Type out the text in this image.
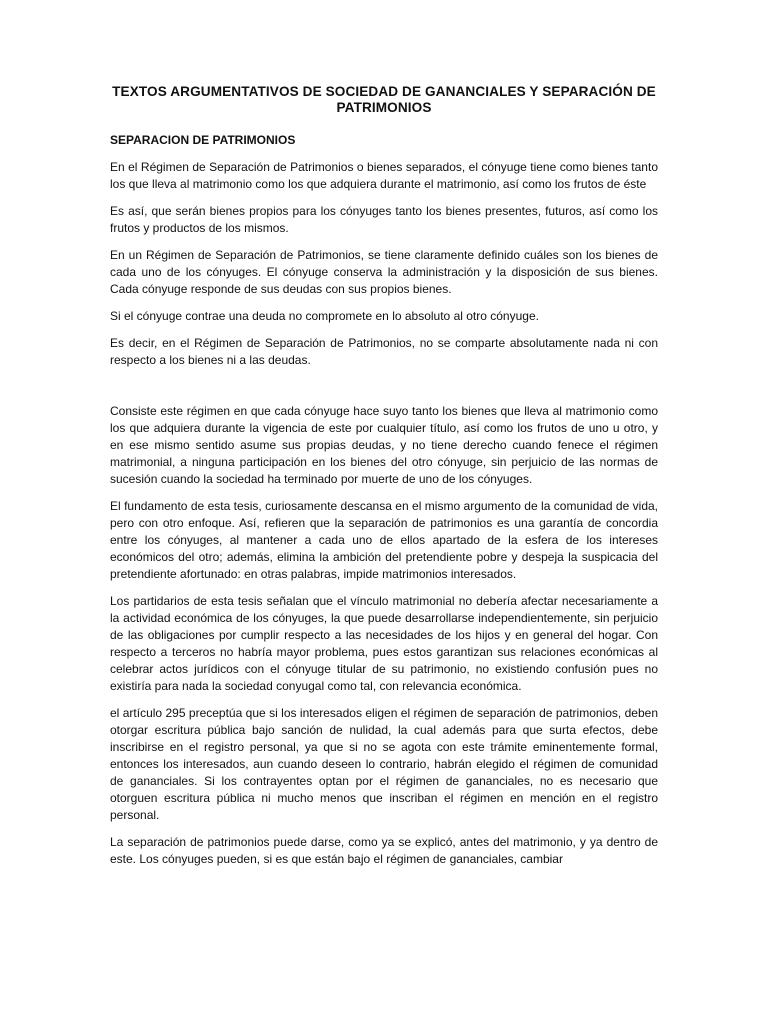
TEXTOS ARGUMENTATIVOS DE SOCIEDAD DE GANANCIALES Y SEPARACIÓN DE PATRIMONIOS
SEPARACION DE PATRIMONIOS

En el Régimen de Separación de Patrimonios o bienes separados, el cónyuge tiene como bienes tanto los que lleva al matrimonio como los que adquiera durante el matrimonio, así como los frutos de éste

Es así, que serán bienes propios para los cónyuges tanto los bienes presentes, futuros, así como los frutos y productos de los mismos.

En un Régimen de Separación de Patrimonios, se tiene claramente definido cuáles son los bienes de cada uno de los cónyuges. El cónyuge conserva la administración y la disposición de sus bienes. Cada cónyuge responde de sus deudas con sus propios bienes.

Si el cónyuge contrae una deuda no compromete en lo absoluto al otro cónyuge.

Es decir, en el Régimen de Separación de Patrimonios, no se comparte absolutamente nada ni con respecto a los bienes ni a las deudas.

Consiste este régimen en que cada cónyuge hace suyo tanto los bienes que lleva al matrimonio como los que adquiera durante la vigencia de este por cualquier título, así como los frutos de uno u otro, y en ese mismo sentido asume sus propias deudas, y no tiene derecho cuando fenece el régimen matrimonial, a ninguna participación en los bienes del otro cónyuge, sin perjuicio de las normas de sucesión cuando la sociedad ha terminado por muerte de uno de los cónyuges.

El fundamento de esta tesis, curiosamente descansa en el mismo argumento de la comunidad de vida, pero con otro enfoque. Así, refieren que la separación de patrimonios es una garantía de concordia entre los cónyuges, al mantener a cada uno de ellos apartado de la esfera de los intereses económicos del otro; además, elimina la ambición del pretendiente pobre y despeja la suspicacia del pretendiente afortunado: en otras palabras, impide matrimonios interesados.

Los partidarios de esta tesis señalan que el vínculo matrimonial no debería afectar necesariamente a la actividad económica de los cónyuges, la que puede desarrollarse independientemente, sin perjuicio de las obligaciones por cumplir respecto a las necesidades de los hijos y en general del hogar. Con respecto a terceros no habría mayor problema, pues estos garantizan sus relaciones económicas al celebrar actos jurídicos con el cónyuge titular de su patrimonio, no existiendo confusión pues no existiría para nada la sociedad conyugal como tal, con relevancia económica.

el artículo 295 preceptúa que si los interesados eligen el régimen de separación de patrimonios, deben otorgar escritura pública bajo sanción de nulidad, la cual además para que surta efectos, debe inscribirse en el registro personal, ya que si no se agota con este trámite eminentemente formal, entonces los interesados, aun cuando deseen lo contrario, habrán elegido el régimen de comunidad de gananciales. Si los contrayentes optan por el régimen de gananciales, no es necesario que otorguen escritura pública ni mucho menos que inscriban el régimen en mención en el registro personal.

La separación de patrimonios puede darse, como ya se explicó, antes del matrimonio, y ya dentro de este. Los cónyuges pueden, si es que están bajo el régimen de gananciales, cambiar
